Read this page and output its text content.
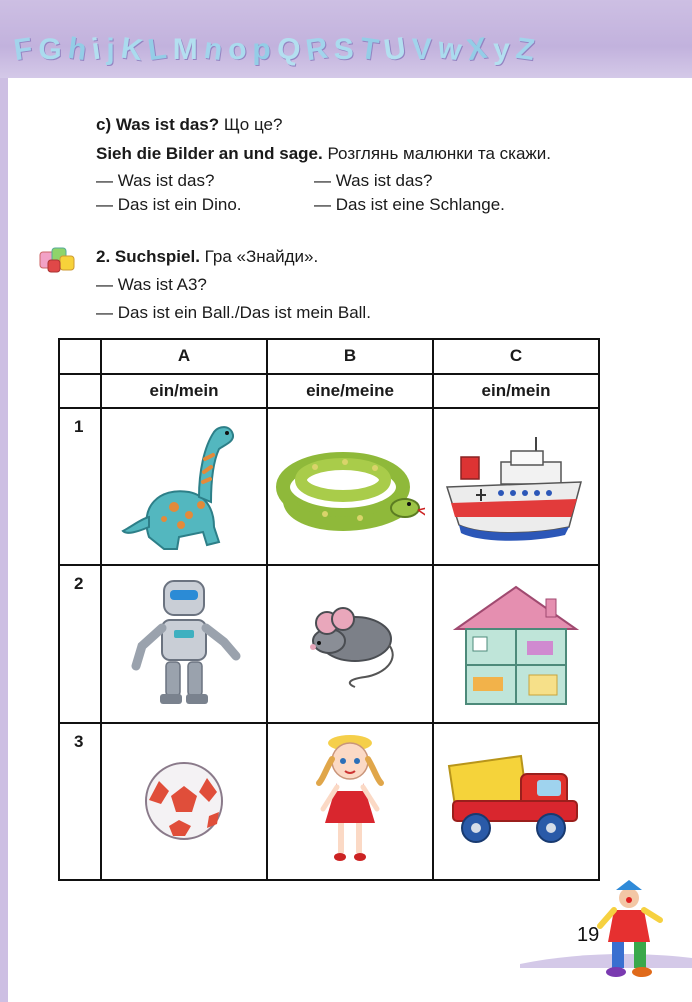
F G h i j K L M n o p Q R S T U V w X y Z
c) Was ist das? Що це?
Sieh die Bilder an und sage. Розглянь малюнки та скажи.
— Was ist das?	— Was ist das?
— Das ist ein Dino.	— Das ist eine Schlange.
2. Suchspiel. Гра «Знайди».
— Was ist A3?
— Das ist ein Ball./Das ist mein Ball.
	A	B	C
	ein/mein	eine/meine	ein/mein
1	

2	

3	

19
